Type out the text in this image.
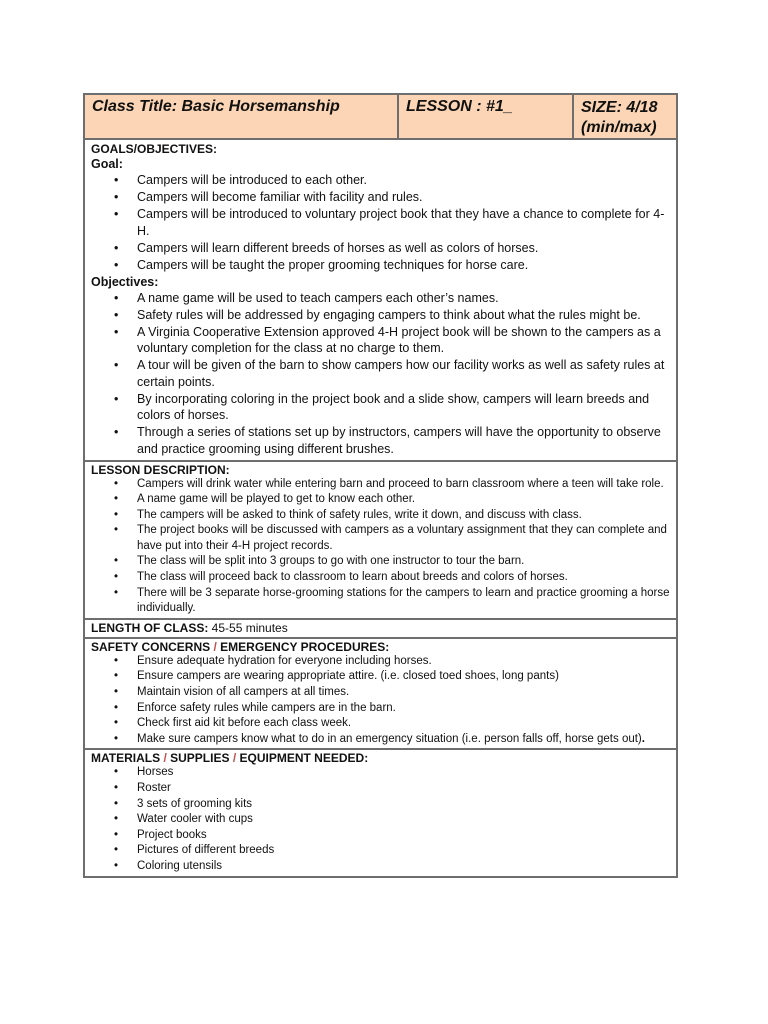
Class Title: Basic Horsemanship	LESSON : #1_	SIZE: 4/18
(min/max)
GOALS/OBJECTIVES:
Goal:
• Campers will be introduced to each other.
• Campers will become familiar with facility and rules.
• Campers will be introduced to voluntary project book that they have a chance to complete for 4-H.
• Campers will learn different breeds of horses as well as colors of horses.
• Campers will be taught the proper grooming techniques for horse care.
Objectives:
• A name game will be used to teach campers each other’s names.
• Safety rules will be addressed by engaging campers to think about what the rules might be.
• A Virginia Cooperative Extension approved 4-H project book will be shown to the campers as a voluntary completion for the class at no charge to them.
• A tour will be given of the barn to show campers how our facility works as well as safety rules at certain points.
• By incorporating coloring in the project book and a slide show, campers will learn breeds and colors of horses.
• Through a series of stations set up by instructors, campers will have the opportunity to observe and practice grooming using different brushes.
LESSON DESCRIPTION:
• Campers will drink water while entering barn and proceed to barn classroom where a teen will take role.
• A name game will be played to get to know each other.
• The campers will be asked to think of safety rules, write it down, and discuss with class.
• The project books will be discussed with campers as a voluntary assignment that they can complete and have put into their 4-H project records.
• The class will be split into 3 groups to go with one instructor to tour the barn.
• The class will proceed back to classroom to learn about breeds and colors of horses.
• There will be 3 separate horse-grooming stations for the campers to learn and practice grooming a horse individually.
LENGTH OF CLASS: 45-55 minutes
SAFETY CONCERNS / EMERGENCY PROCEDURES:
• Ensure adequate hydration for everyone including horses.
• Ensure campers are wearing appropriate attire. (i.e. closed toed shoes, long pants)
• Maintain vision of all campers at all times.
• Enforce safety rules while campers are in the barn.
• Check first aid kit before each class week.
• Make sure campers know what to do in an emergency situation (i.e. person falls off, horse gets out).
MATERIALS / SUPPLIES / EQUIPMENT NEEDED:
• Horses
• Roster
• 3 sets of grooming kits
• Water cooler with cups
• Project books
• Pictures of different breeds
• Coloring utensils
